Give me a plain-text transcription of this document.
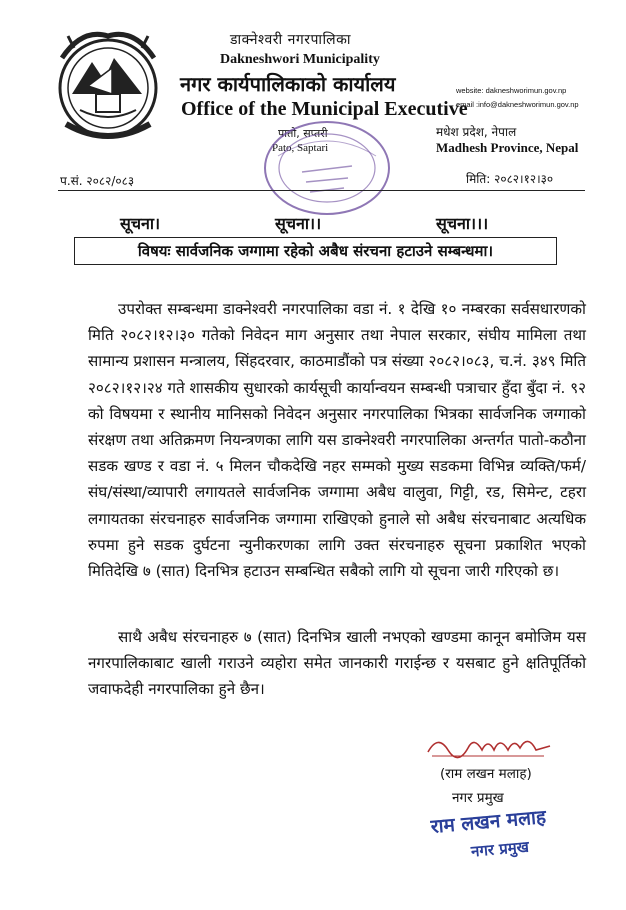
डाक्नेश्वरी नगरपालिका
Dakneshwori Municipality
नगर कार्यपालिकाको कार्यालय
Office of the Municipal Executive
website: dakneshworimun.gov.np
email :info@dakneshworimun.gov.np
पातो, सप्तरी
Pato, Saptari
मधेश प्रदेश, नेपाल
Madhesh Province, Nepal
प.सं. २०८२/०८३	मिति: २०८२।१२।३०
सूचना।	सूचना।।	सूचना।।।
विषयः सार्वजनिक जग्गामा रहेको अबैध संरचना हटाउने सम्बन्धमा।

उपरोक्त सम्बन्धमा डाक्नेश्वरी नगरपालिका वडा नं. १ देखि १० नम्बरका सर्वसधारणको मिति २०८२।१२।३० गतेको निवेदन माग अनुसार तथा नेपाल सरकार, संघीय मामिला तथा सामान्य प्रशासन मन्त्रालय, सिंहदरवार, काठमाडौंको पत्र संख्या २०८२।०८३, च.नं. ३४९ मिति २०८२।१२।२४ गते शासकीय सुधारको कार्यसूची कार्यान्वयन सम्बन्धी पत्राचार हुँदा बुँदा नं. ९२ को विषयमा र स्थानीय मानिसको निवेदन अनुसार नगरपालिका भित्रका सार्वजनिक जग्गाको संरक्षण तथा अतिक्रमण नियन्त्रणका लागि यस डाक्नेश्वरी नगरपालिका अन्तर्गत पातो-कठौना सडक खण्ड र वडा नं. ५ मिलन चौकदेखि नहर सम्मको मुख्य सडकमा विभिन्न व्यक्ति/फर्म/संघ/संस्था/व्यापारी लगायतले सार्वजनिक जग्गामा अबैध वालुवा, गिट्टी, रड, सिमेन्ट, टहरा लगायतका संरचनाहरु सार्वजनिक जग्गामा राखिएको हुनाले सो अबैध संरचनाबाट अत्यधिक रुपमा हुने सडक दुर्घटना न्युनीकरणका लागि उक्त संरचनाहरु सूचना प्रकाशित भएको मितिदेखि ७ (सात) दिनभित्र हटाउन सम्बन्धित सबैको लागि यो सूचना जारी गरिएको छ।

साथै अबैध संरचनाहरु ७ (सात) दिनभित्र खाली नभएको खण्डमा कानून बमोजिम यस नगरपालिकाबाट खाली गराउने व्यहोरा समेत जानकारी गराईन्छ र यसबाट हुने क्षतिपूर्तिको जवाफदेही नगरपालिका हुने छैन।

(राम लखन मलाह)
नगर प्रमुख
राम लखन मलाह
नगर प्रमुख
